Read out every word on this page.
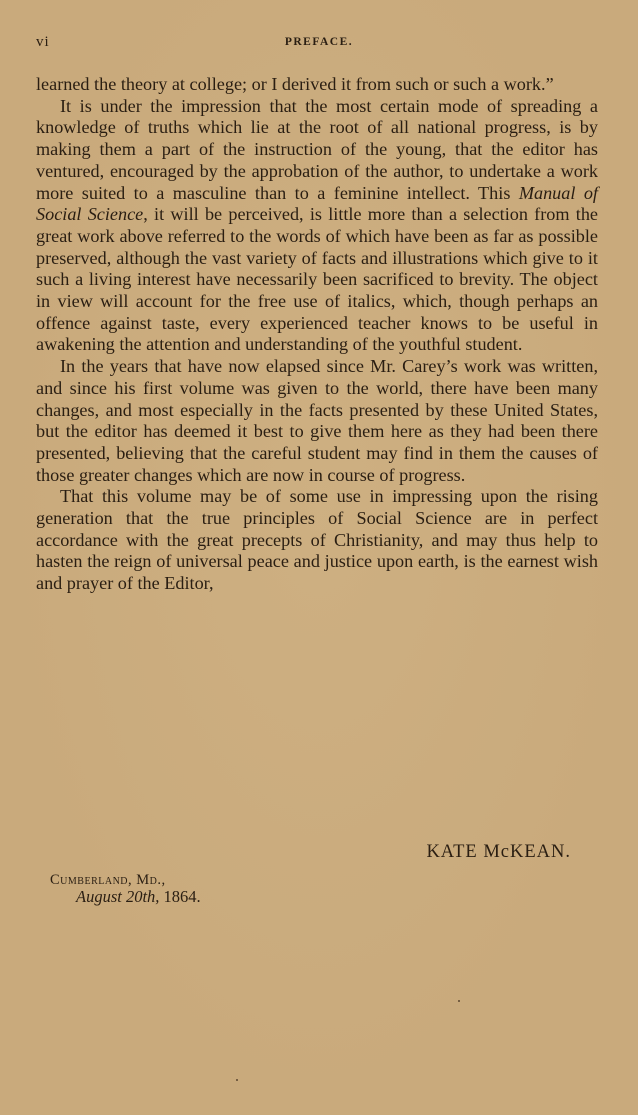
vi	PREFACE.

learned the theory at college; or I derived it from such or such a work.”

It is under the impression that the most certain mode of spreading a knowledge of truths which lie at the root of all national progress, is by making them a part of the instruction of the young, that the editor has ventured, encouraged by the approbation of the author, to undertake a work more suited to a masculine than to a feminine intellect. This Manual of Social Science, it will be perceived, is little more than a selection from the great work above referred to the words of which have been as far as possible preserved, although the vast variety of facts and illustrations which give to it such a living interest have necessarily been sacrificed to brevity. The object in view will account for the free use of italics, which, though perhaps an offence against taste, every experienced teacher knows to be useful in awakening the attention and understanding of the youthful student.

In the years that have now elapsed since Mr. Carey’s work was written, and since his first volume was given to the world, there have been many changes, and most especially in the facts presented by these United States, but the editor has deemed it best to give them here as they had been there presented, believing that the careful student may find in them the causes of those greater changes which are now in course of progress.

That this volume may be of some use in impressing upon the rising generation that the true principles of Social Science are in perfect accordance with the great precepts of Christianity, and may thus help to hasten the reign of universal peace and justice upon earth, is the earnest wish and prayer of the Editor,

KATE McKEAN.
Cumberland, Md.,
August 20th, 1864.
